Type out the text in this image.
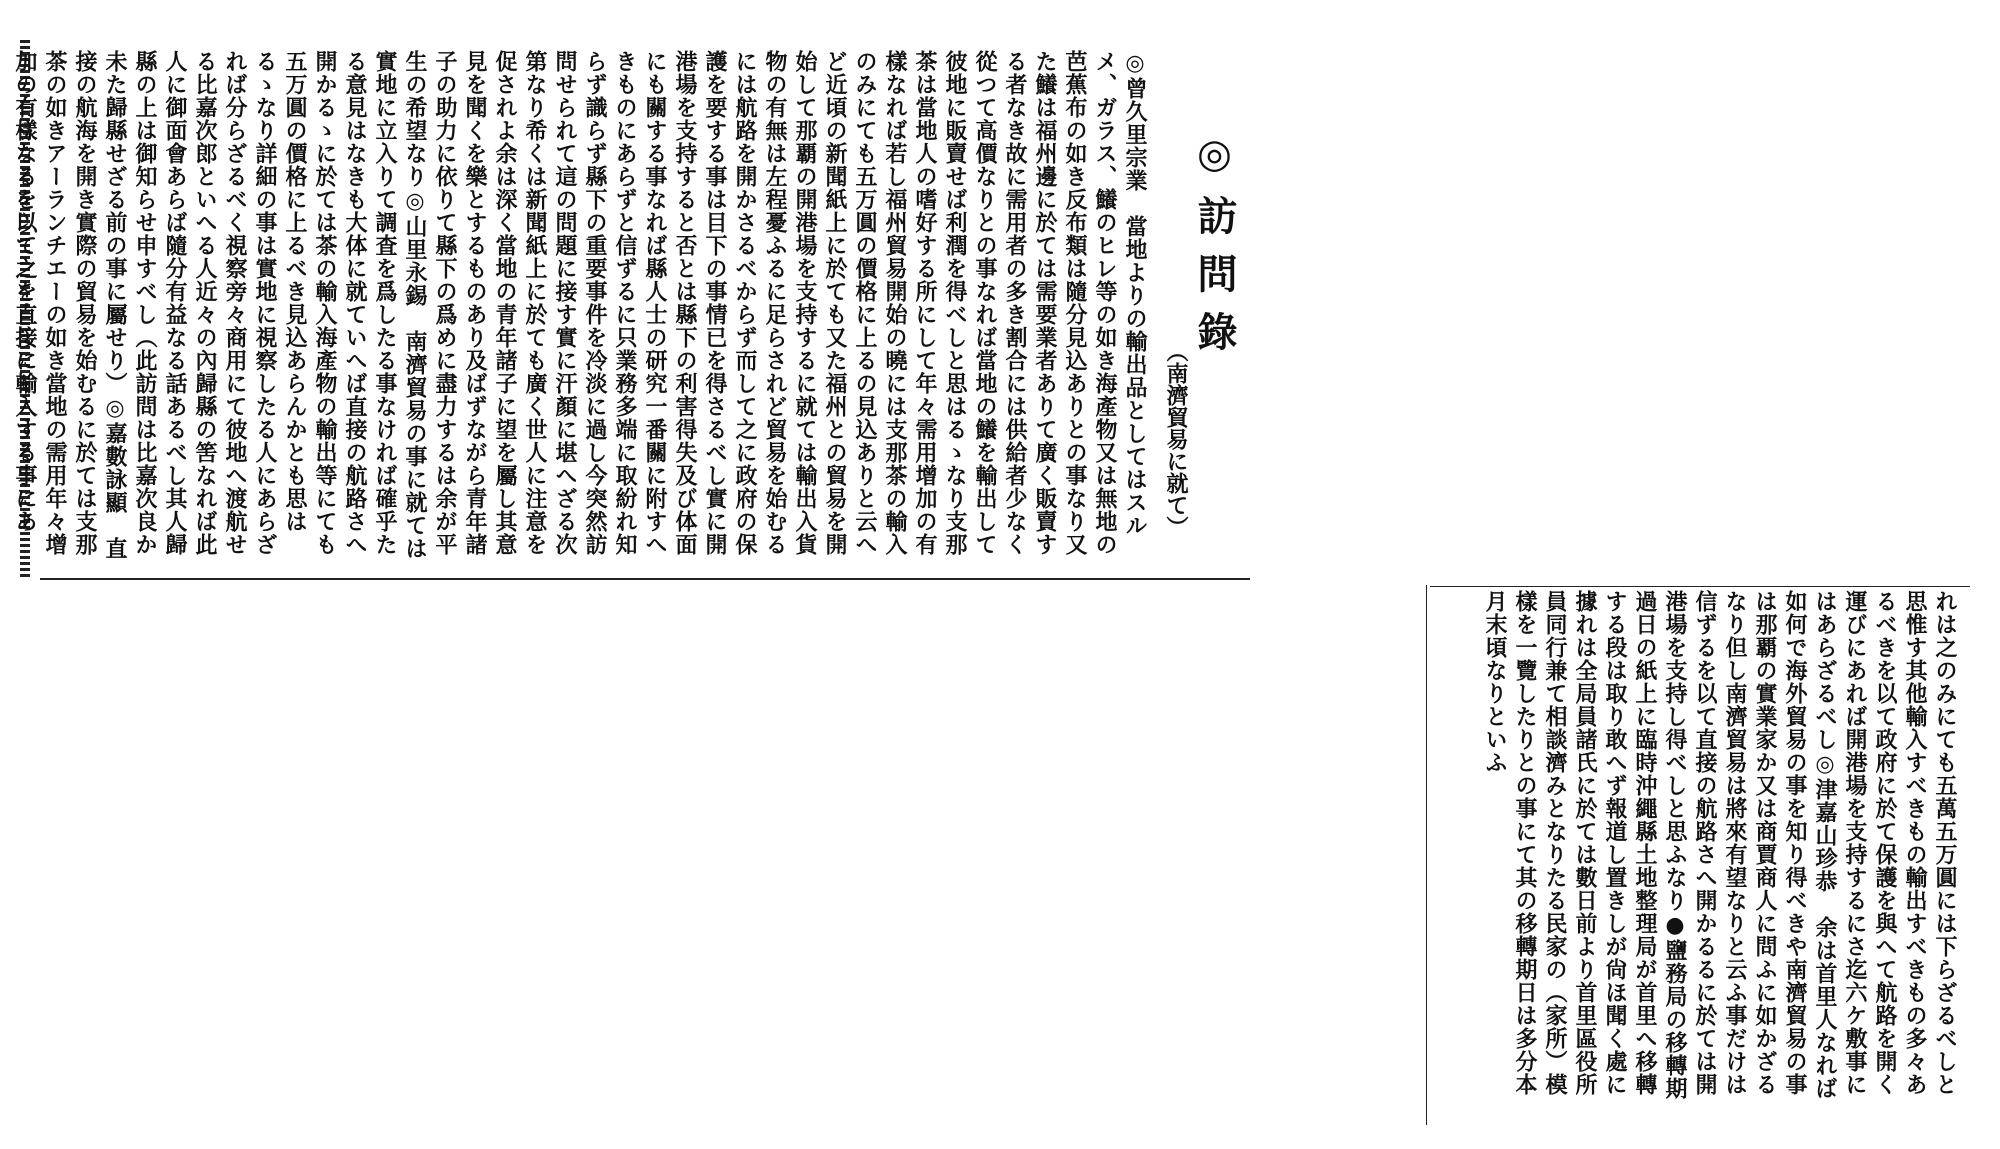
◎訪問錄
（南濟貿易に就て）
◎曾久里宗業　當地よりの輸出品としてはスルメ、ガラス、鱶のヒレ等の如き海產物又は無地の芭蕉布の如き反布類は隨分見込ありとの事なり又た鱶は福州邊に於ては需要業者ありて廣く販賣する者なき故に需用者の多き割合には供給者少なく從つて高價なりとの事なれば當地の鱶を輸出して彼地に販賣せば利潤を得べしと思はるゝなり支那茶は當地人の嗜好する所にして年々需用增加の有樣なれば若し福州貿易開始の曉には支那茶の輸入のみにても五万圓の價格に上るの見込ありと云へど近頃の新聞紙上に於ても又た福州との貿易を開始して那覇の開港場を支持するに就ては輸出入貨物の有無は左程憂ふるに足らされど貿易を始むるには航路を開かさるべからず而して之に政府の保護を要する事は目下の事情已を得さるべし實に開港場を支持すると否とは縣下の利害得失及び体面にも關する事なれば縣人士の研究一番關に附すへきものにあらずと信ずるに只業務多端に取紛れ知らず識らず縣下の重要事件を冷淡に過し今突然訪問せられて這の問題に接す實に汗顏に堪へざる次第なり希くは新聞紙上に於ても廣く世人に注意を促されよ余は深く當地の青年諸子に望を屬し其意見を聞くを樂とするものあり及ばずながら青年諸子の助力に依りて縣下の爲めに盡力するは余が平生の希望なり◎山里永錫　南濟貿易の事に就ては實地に立入りて調査を爲したる事なければ確乎たる意見はなきも大体に就ていへば直接の航路さへ開かるゝに於ては茶の輸入海產物の輸出等にても五万圓の價格に上るべき見込あらんかとも思はるゝなり詳細の事は實地に視察したる人にあらざれば分らざるべく視察旁々商用にて彼地へ渡航せる比嘉次郎といへる人近々の內歸縣の筈なれば此人に御面會あらば隨分有益なる話あるべし其人歸縣の上は御知らせ申すべし（此訪問は比嘉次良か未た歸縣せざる前の事に屬せり）◎嘉數詠顯　直接の航海を開き實際の貿易を始むるに於ては支那茶の如きアーランチエーの如き當地の需用年々增加の有樣なるを以て之を直接に輸入する事にあ
れは之のみにても五萬五万圓には下らざるべしと思惟す其他輸入すべきもの輸出すべきもの多々あるべきを以て政府に於て保護を與へて航路を開く運びにあれば開港場を支持するにさ迄六ケ敷事にはあらざるべし◎津嘉山珍恭　余は首里人なれば如何で海外貿易の事を知り得べきや南濟貿易の事は那覇の實業家か又は商賈商人に問ふに如かざるなり但し南濟貿易は將來有望なりと云ふ事だけは信ずるを以て直接の航路さへ開かるるに於ては開港場を支持し得べしと思ふなり●鹽務局の移轉期　過日の紙上に臨時沖繩縣土地整理局が首里へ移轉する段は取り敢へず報道し置きしが尙ほ聞く處に據れは全局員諸氏に於ては數日前より首里區役所員同行兼て相談濟みとなりたる民家の（家所）模樣を一覽したりとの事にて其の移轉期日は多分本月末頃なりといふ
